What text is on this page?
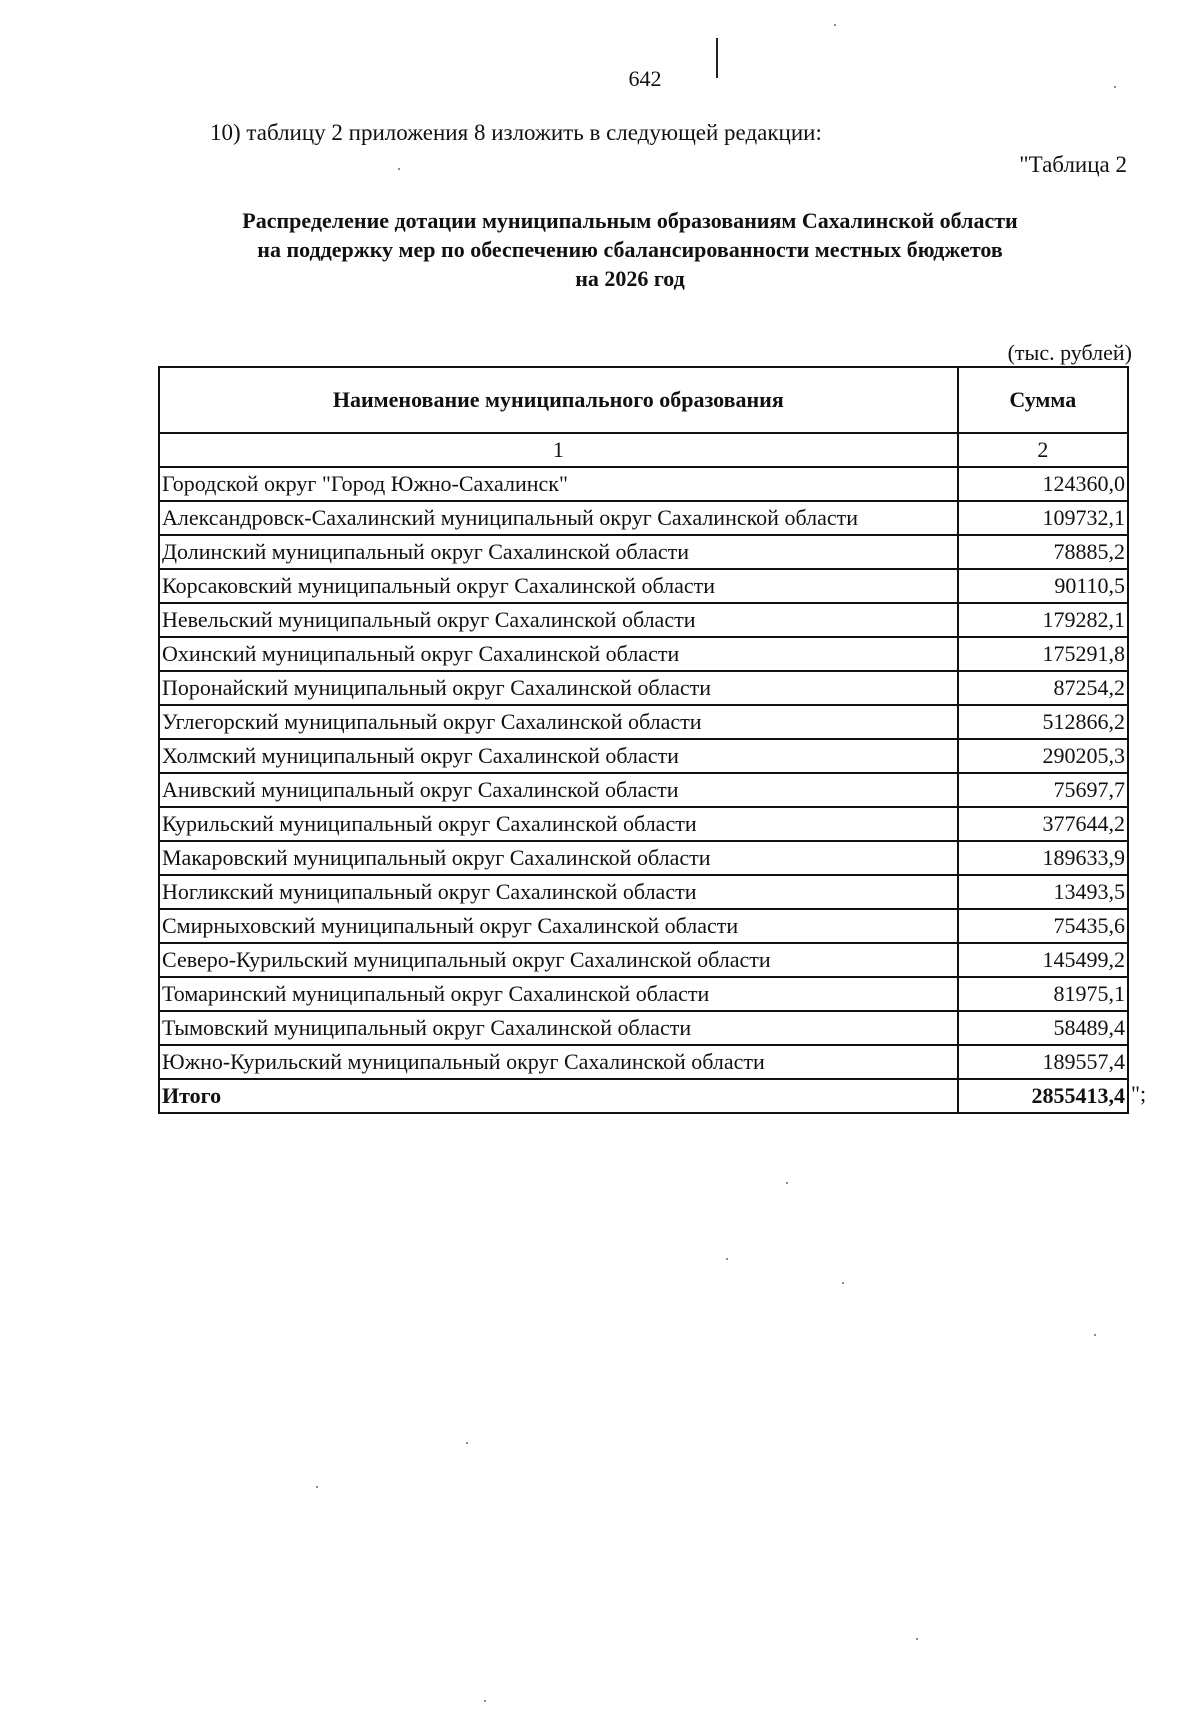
642
10) таблицу 2 приложения 8 изложить в следующей редакции:
"Таблица 2
Распределение дотации муниципальным образованиям Сахалинской области
на поддержку мер по обеспечению сбалансированности местных бюджетов
на 2026 год
(тыс. рублей)
Наименование муниципального образования	Сумма
1	2
Городской округ "Город Южно-Сахалинск"	124360,0
Александровск-Сахалинский муниципальный округ Сахалинской области	109732,1
Долинский муниципальный округ Сахалинской области	78885,2
Корсаковский муниципальный округ Сахалинской области	90110,5
Невельский муниципальный округ Сахалинской области	179282,1
Охинский муниципальный округ Сахалинской области	175291,8
Поронайский муниципальный округ Сахалинской области	87254,2
Углегорский муниципальный округ Сахалинской области	512866,2
Холмский муниципальный округ Сахалинской области	290205,3
Анивский муниципальный округ Сахалинской области	75697,7
Курильский муниципальный округ Сахалинской области	377644,2
Макаровский муниципальный округ Сахалинской области	189633,9
Ногликский муниципальный округ Сахалинской области	13493,5
Смирныховский муниципальный округ Сахалинской области	75435,6
Северо-Курильский муниципальный округ Сахалинской области	145499,2
Томаринский муниципальный округ Сахалинской области	81975,1
Тымовский муниципальный округ Сахалинской области	58489,4
Южно-Курильский муниципальный округ Сахалинской области	189557,4
Итого	2855413,4 ";
